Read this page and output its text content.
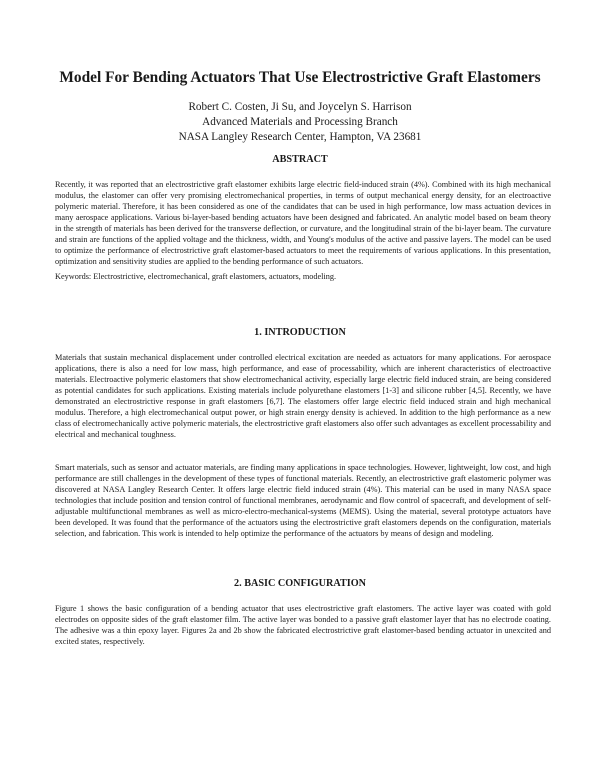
Model For Bending Actuators That Use Electrostrictive Graft Elastomers
Robert C. Costen, Ji Su, and Joycelyn S. Harrison
Advanced Materials and Processing Branch
NASA Langley Research Center, Hampton, VA 23681
ABSTRACT
Recently, it was reported that an electrostrictive graft elastomer exhibits large electric field-induced strain (4%). Combined with its high mechanical modulus, the elastomer can offer very promising electromechanical properties, in terms of output mechanical energy density, for an electroactive polymeric material. Therefore, it has been considered as one of the candidates that can be used in high performance, low mass actuation devices in many aerospace applications. Various bi-layer-based bending actuators have been designed and fabricated. An analytic model based on beam theory in the strength of materials has been derived for the transverse deflection, or curvature, and the longitudinal strain of the bi-layer beam. The curvature and strain are functions of the applied voltage and the thickness, width, and Young's modulus of the active and passive layers. The model can be used to optimize the performance of electrostrictive graft elastomer-based actuators to meet the requirements of various applications. In this presentation, optimization and sensitivity studies are applied to the bending performance of such actuators.
Keywords: Electrostrictive, electromechanical, graft elastomers, actuators, modeling.
1. INTRODUCTION
Materials that sustain mechanical displacement under controlled electrical excitation are needed as actuators for many applications. For aerospace applications, there is also a need for low mass, high performance, and ease of processability, which are inherent characteristics of electroactive materials. Electroactive polymeric elastomers that show electromechanical activity, especially large electric field induced strain, are being considered as potential candidates for such applications. Existing materials include polyurethane elastomers [1-3] and silicone rubber [4,5]. Recently, we have demonstrated an electrostrictive response in graft elastomers [6,7]. The elastomers offer large electric field induced strain and high mechanical modulus. Therefore, a high electromechanical output power, or high strain energy density is achieved. In addition to the high performance as a new class of electromechanically active polymeric materials, the electrostrictive graft elastomers also offer such advantages as excellent processability and electrical and mechanical toughness.
Smart materials, such as sensor and actuator materials, are finding many applications in space technologies. However, lightweight, low cost, and high performance are still challenges in the development of these types of functional materials. Recently, an electrostrictive graft elastomeric polymer was discovered at NASA Langley Research Center. It offers large electric field induced strain (4%). This material can be used in many NASA space technologies that include position and tension control of functional membranes, aerodynamic and flow control of spacecraft, and development of self-adjustable multifunctional membranes as well as micro-electro-mechanical-systems (MEMS). Using the material, several prototype actuators have been developed. It was found that the performance of the actuators using the electrostrictive graft elastomers depends on the configuration, materials selection, and fabrication. This work is intended to help optimize the performance of the actuators by means of design and modeling.
2. BASIC CONFIGURATION
Figure 1 shows the basic configuration of a bending actuator that uses electrostrictive graft elastomers. The active layer was coated with gold electrodes on opposite sides of the graft elastomer film. The active layer was bonded to a passive graft elastomer layer that has no electrode coating. The adhesive was a thin epoxy layer. Figures 2a and 2b show the fabricated electrostrictive graft elastomer-based bending actuator in unexcited and excited states, respectively.
